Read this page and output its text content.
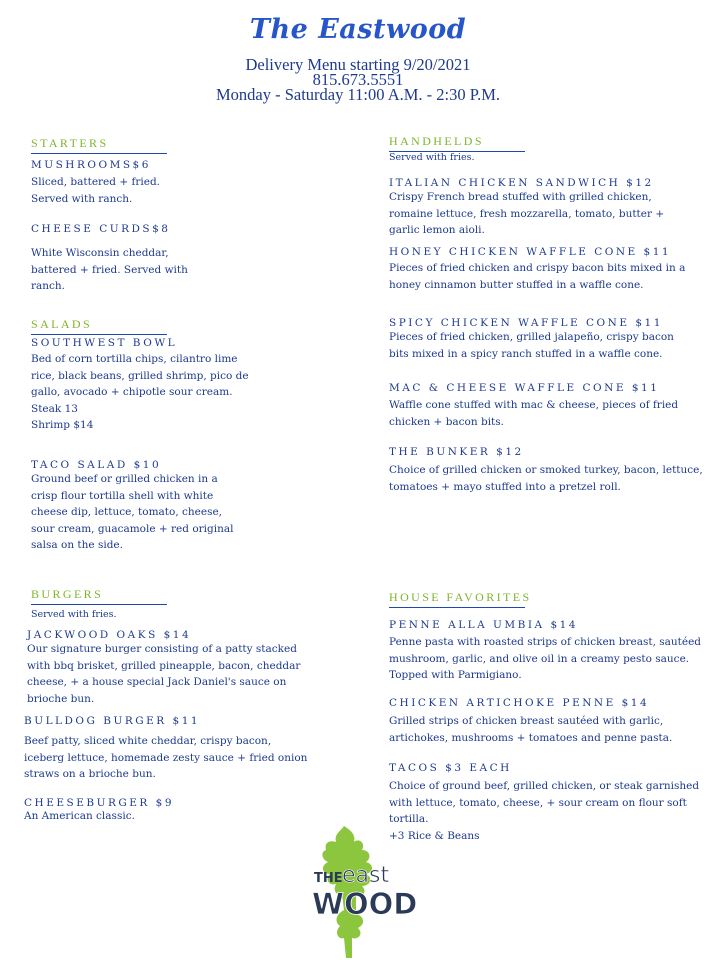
The Eastwood
Delivery Menu starting 9/20/2021
815.673.5551
Monday - Saturday 11:00 A.M. - 2:30 P.M.
STARTERS
MUSHROOMS$6
Sliced, battered + fried.
Served with ranch.
CHEESE CURDS$8
White Wisconsin cheddar,
battered + fried. Served with
ranch.
SALADS
SOUTHWEST BOWL
Bed of corn tortilla chips, cilantro lime
rice, black beans, grilled shrimp, pico de
gallo, avocado + chipotle sour cream.
Steak 13
Shrimp $14
TACO SALAD $10
Ground beef or grilled chicken in a
crisp flour tortilla shell with white
cheese dip, lettuce, tomato, cheese,
sour cream, guacamole + red original
salsa on the side.
BURGERS
Served with fries.
JACKWOOD OAKS $14
Our signature burger consisting of a patty stacked
with bbq brisket, grilled pineapple, bacon, cheddar
cheese, + a house special Jack Daniel's sauce on
brioche bun.
BULLDOG BURGER $11
Beef patty, sliced white cheddar, crispy bacon,
iceberg lettuce, homemade zesty sauce + fried onion
straws on a brioche bun.
CHEESEBURGER $9
An American classic.
HANDHELDS
Served with fries.
ITALIAN CHICKEN SANDWICH $12
Crispy French bread stuffed with grilled chicken,
romaine lettuce, fresh mozzarella, tomato, butter +
garlic lemon aioli.
HONEY CHICKEN WAFFLE CONE $11
Pieces of fried chicken and crispy bacon bits mixed in a
honey cinnamon butter stuffed in a waffle cone.
SPICY CHICKEN WAFFLE CONE $11
Pieces of fried chicken, grilled jalapeño, crispy bacon
bits mixed in a spicy ranch stuffed in a waffle cone.
MAC & CHEESE WAFFLE CONE $11
Waffle cone stuffed with mac & cheese, pieces of fried
chicken + bacon bits.
THE BUNKER $12
Choice of grilled chicken or smoked turkey, bacon, lettuce,
tomatoes + mayo stuffed into a pretzel roll.
HOUSE FAVORITES
PENNE ALLA UMBIA $14
Penne pasta with roasted strips of chicken breast, sautéed
mushroom, garlic, and olive oil in a creamy pesto sauce.
Topped with Parmigiano.
CHICKEN ARTICHOKE PENNE $14
Grilled strips of chicken breast sautéed with garlic,
artichokes, mushrooms + tomatoes and penne pasta.
TACOS $3 EACH
Choice of ground beef, grilled chicken, or steak garnished
with lettuce, tomato, cheese, + sour cream on flour soft
tortilla.
+3 Rice & Beans
THE east
WOOD
